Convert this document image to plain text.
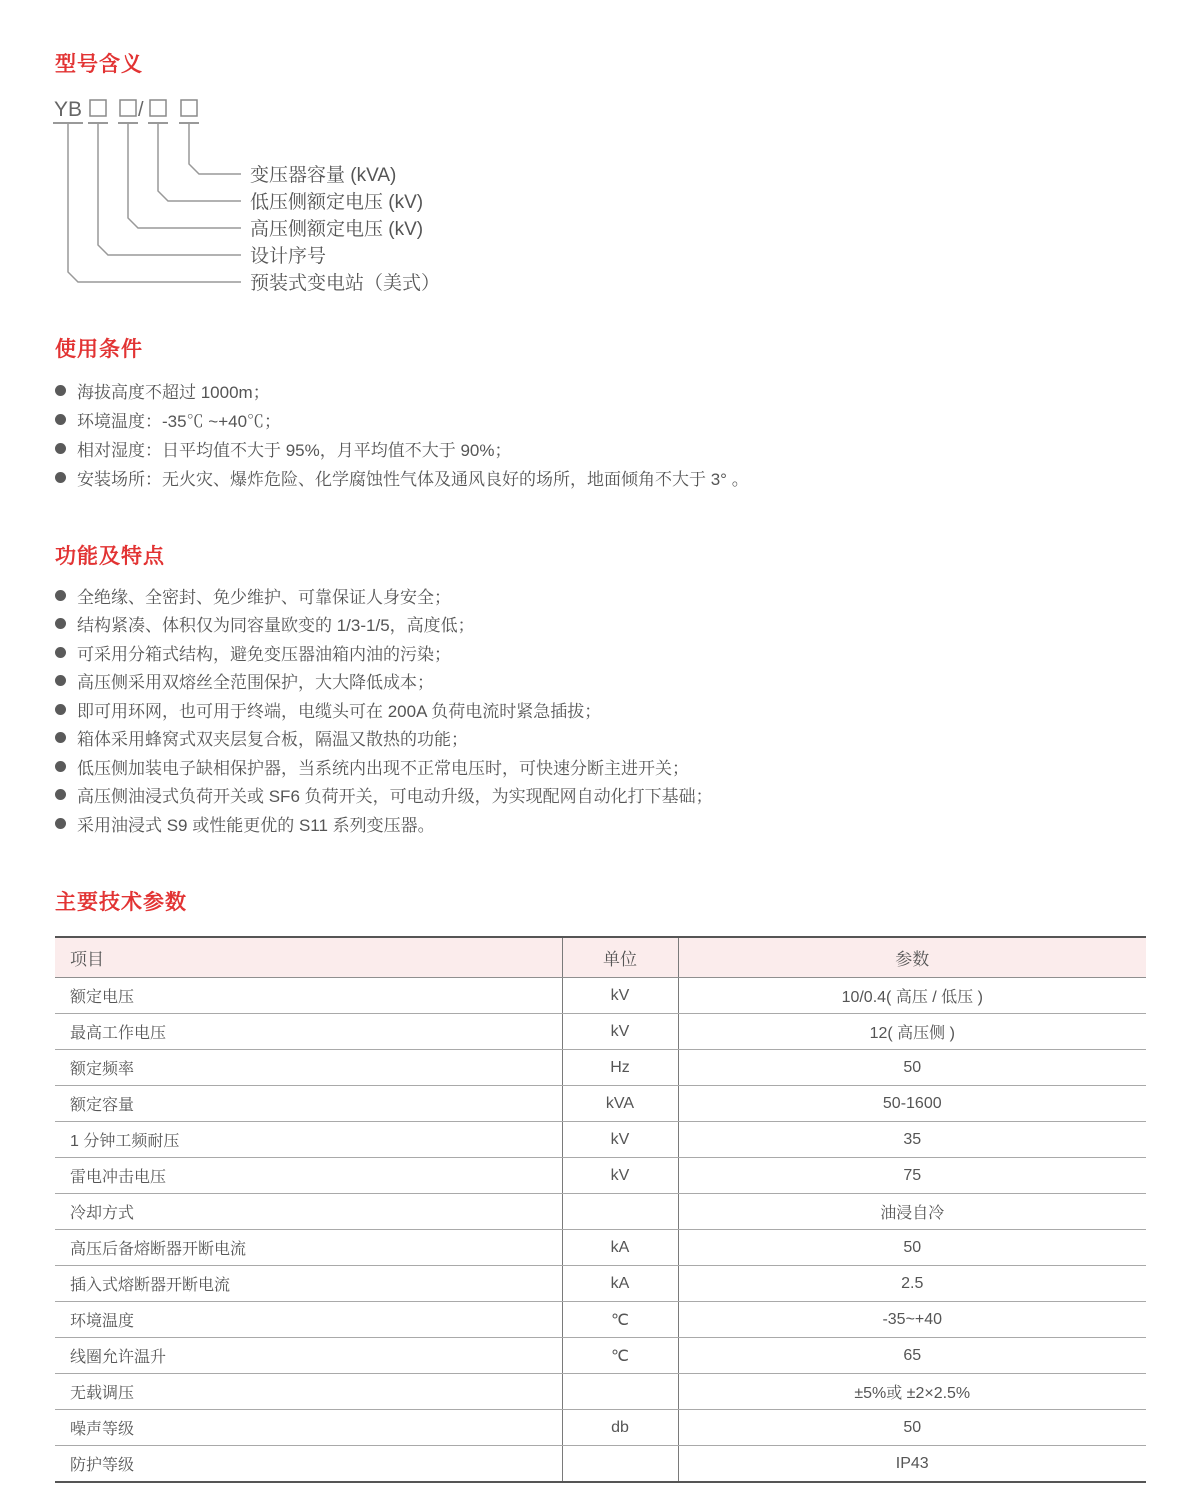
型号含义
YB	/
变压器容量 (kVA)
低压侧额定电压 (kV)
高压侧额定电压 (kV)
设计序号
预装式变电站（美式）
使用条件
海拔高度不超过 1000m；
环境温度：-35℃ ~+40℃；
相对湿度：日平均值不大于 95%，月平均值不大于 90%；
安装场所：无火灾、爆炸危险、化学腐蚀性气体及通风良好的场所，地面倾角不大于 3° 。
功能及特点
全绝缘、全密封、免少维护、可靠保证人身安全；
结构紧凑、体积仅为同容量欧变的 1/3-1/5，高度低；
可采用分箱式结构，避免变压器油箱内油的污染；
高压侧采用双熔丝全范围保护，大大降低成本；
即可用环网，也可用于终端，电缆头可在 200A 负荷电流时紧急插拔；
箱体采用蜂窝式双夹层复合板，隔温又散热的功能；
低压侧加装电子缺相保护器，当系统内出现不正常电压时，可快速分断主进开关；
高压侧油浸式负荷开关或 SF6 负荷开关，可电动升级，为实现配网自动化打下基础；
采用油浸式 S9 或性能更优的 S11 系列变压器。
主要技术参数
项目	单位	参数
额定电压	kV	10/0.4( 高压 / 低压 )
最高工作电压	kV	12( 高压侧 )
额定频率	Hz	50
额定容量	kVA	50-1600
1 分钟工频耐压	kV	35
雷电冲击电压	kV	75
冷却方式		油浸自冷
高压后备熔断器开断电流	kA	50
插入式熔断器开断电流	kA	2.5
环境温度	℃	-35~+40
线圈允许温升	℃	65
无载调压		±5%或 ±2×2.5%
噪声等级	db	50
防护等级		IP43
